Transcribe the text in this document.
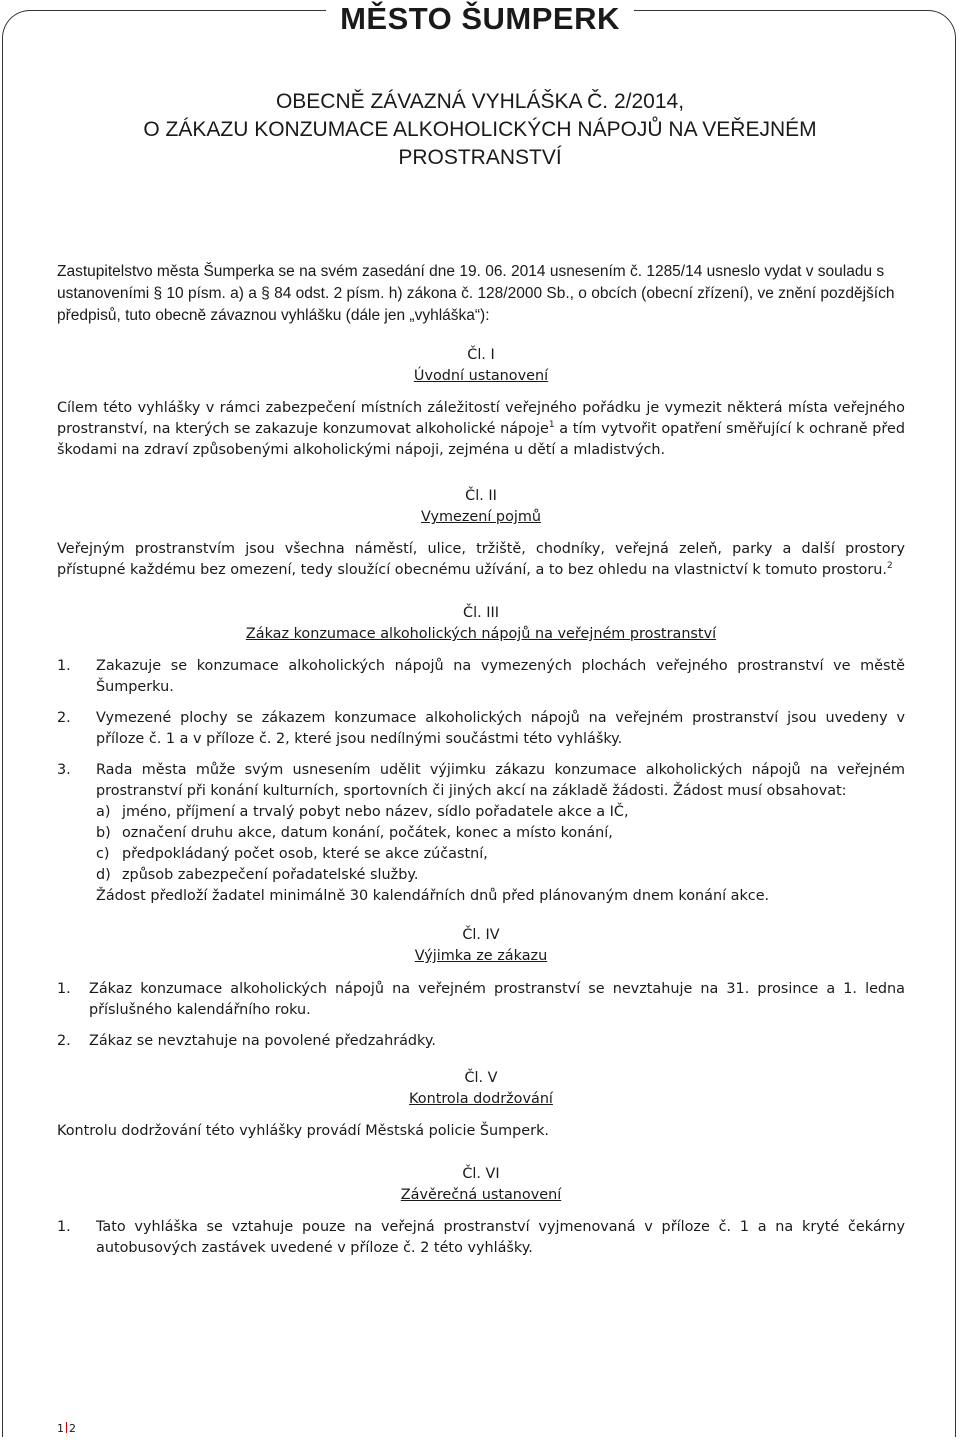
MĚSTO ŠUMPERK
OBECNĚ ZÁVAZNÁ VYHLÁŠKA Č. 2/2014,
O ZÁKAZU KONZUMACE ALKOHOLICKÝCH NÁPOJŮ NA VEŘEJNÉM
PROSTRANSTVÍ
Zastupitelstvo města Šumperka se na svém zasedání dne 19. 06. 2014 usnesením č. 1285/14 usneslo vydat v souladu s ustanoveními § 10 písm. a) a § 84 odst. 2 písm. h) zákona č. 128/2000 Sb., o obcích (obecní zřízení), ve znění pozdějších předpisů, tuto obecně závaznou vyhlášku (dále jen „vyhláška“):
Čl. I
Úvodní ustanovení

Cílem této vyhlášky v rámci zabezpečení místních záležitostí veřejného pořádku je vymezit některá místa veřejného prostranství, na kterých se zakazuje konzumovat alkoholické nápoje$^1$ a tím vytvořit opatření směřující k ochraně před škodami na zdraví způsobenými alkoholickými nápoji, zejména u dětí a mladistvých.

Čl. II
Vymezení pojmů

Veřejným prostranstvím jsou všechna náměstí, ulice, tržiště, chodníky, veřejná zeleň, parky a další prostory přístupné každému bez omezení, tedy sloužící obecnému užívání, a to bez ohledu na vlastnictví k tomuto prostoru.$^2$

Čl. III
Zákaz konzumace alkoholických nápojů na veřejném prostranství
1.	Zakazuje se konzumace alkoholických nápojů na vymezených plochách veřejného prostranství ve městě Šumperku.
2.	Vymezené plochy se zákazem konzumace alkoholických nápojů na veřejném prostranství jsou uvedeny v příloze č. 1 a v příloze č. 2, které jsou nedílnými součástmi této vyhlášky.
3.	Rada města může svým usnesením udělit výjimku zákazu konzumace alkoholických nápojů na veřejném prostranství při konání kulturních, sportovních či jiných akcí na základě žádosti. Žádost musí obsahovat:
a) jméno, příjmení a trvalý pobyt nebo název, sídlo pořadatele akce a IČ,
b) označení druhu akce, datum konání, počátek, konec a místo konání,
c) předpokládaný počet osob, které se akce zúčastní,
d) způsob zabezpečení pořadatelské služby.
Žádost předloží žadatel minimálně 30 kalendářních dnů před plánovaným dnem konání akce.
Čl. IV
Výjimka ze zákazu
1.	Zákaz konzumace alkoholických nápojů na veřejném prostranství se nevztahuje na 31. prosince a 1. ledna příslušného kalendářního roku.
2.	Zákaz se nevztahuje na povolené předzahrádky.
Čl. V
Kontrola dodržování

Kontrolu dodržování této vyhlášky provádí Městská policie Šumperk.

Čl. VI
Závěrečná ustanovení
1.	Tato vyhláška se vztahuje pouze na veřejná prostranství vyjmenovaná v příloze č. 1 a na kryté čekárny autobusových zastávek uvedené v příloze č. 2 této vyhlášky.
1 2
